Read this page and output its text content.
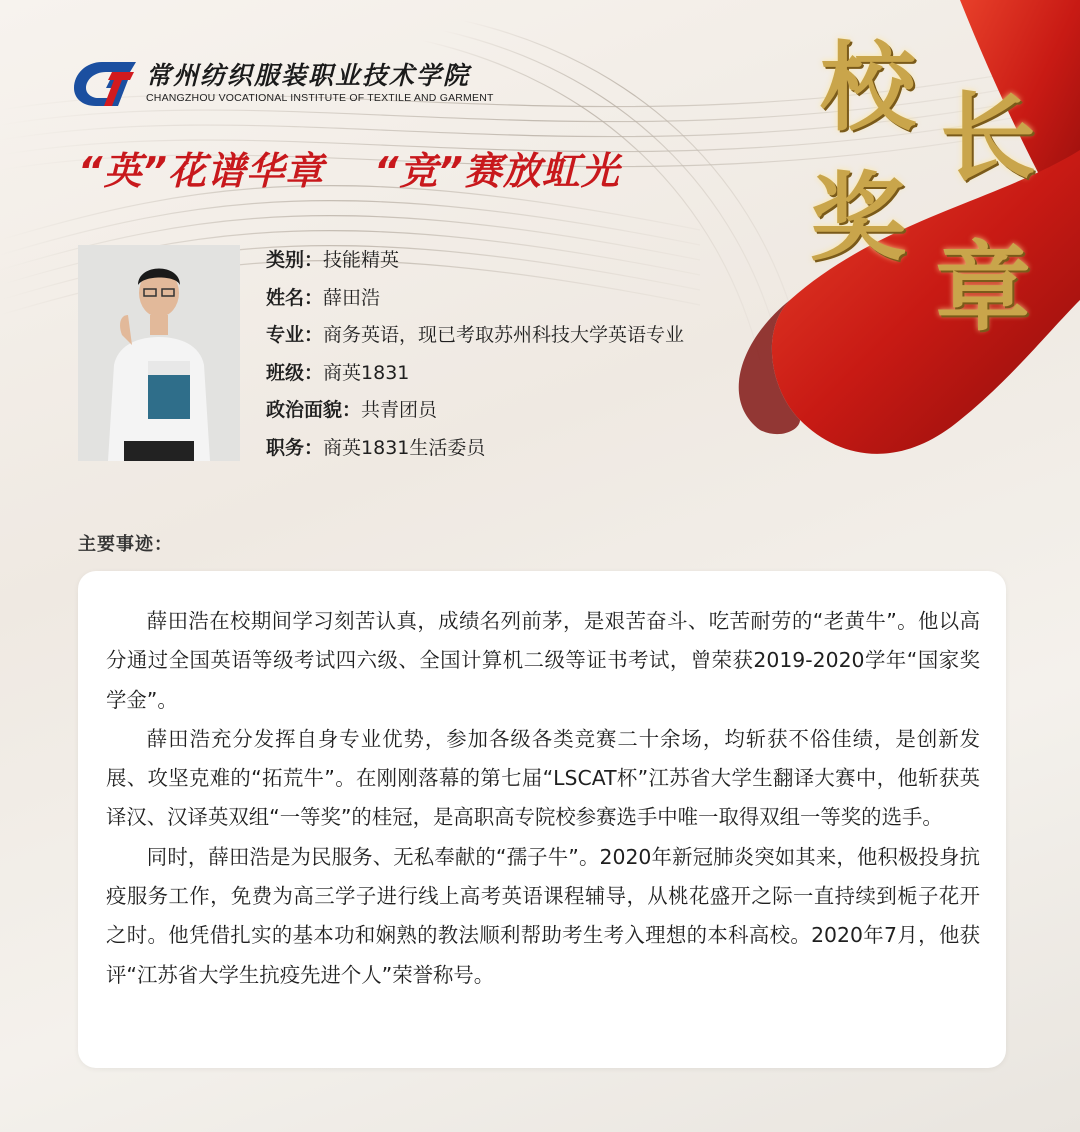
常州纺织服装职业技术学院
CHANGZHOU VOCATIONAL INSTITUTE OF TEXTILE AND GARMENT
“英”花谱华章 “竞”赛放虹光
校 长
奖
章
类别：技能精英
姓名：薛田浩
专业：商务英语，现已考取苏州科技大学英语专业
班级：商英1831
政治面貌：共青团员
职务：商英1831生活委员
主要事迹：

薛田浩在校期间学习刻苦认真，成绩名列前茅，是艰苦奋斗、吃苦耐劳的“老黄牛”。他以高分通过全国英语等级考试四六级、全国计算机二级等证书考试，曾荣获2019-2020学年“国家奖学金”。

薛田浩充分发挥自身专业优势，参加各级各类竞赛二十余场，均斩获不俗佳绩，是创新发展、攻坚克难的“拓荒牛”。在刚刚落幕的第七届“LSCAT杯”江苏省大学生翻译大赛中，他斩获英译汉、汉译英双组“一等奖”的桂冠，是高职高专院校参赛选手中唯一取得双组一等奖的选手。

同时，薛田浩是为民服务、无私奉献的“孺子牛”。2020年新冠肺炎突如其来，他积极投身抗疫服务工作，免费为高三学子进行线上高考英语课程辅导，从桃花盛开之际一直持续到栀子花开之时。他凭借扎实的基本功和娴熟的教法顺利帮助考生考入理想的本科高校。2020年7月，他获评“江苏省大学生抗疫先进个人”荣誉称号。
